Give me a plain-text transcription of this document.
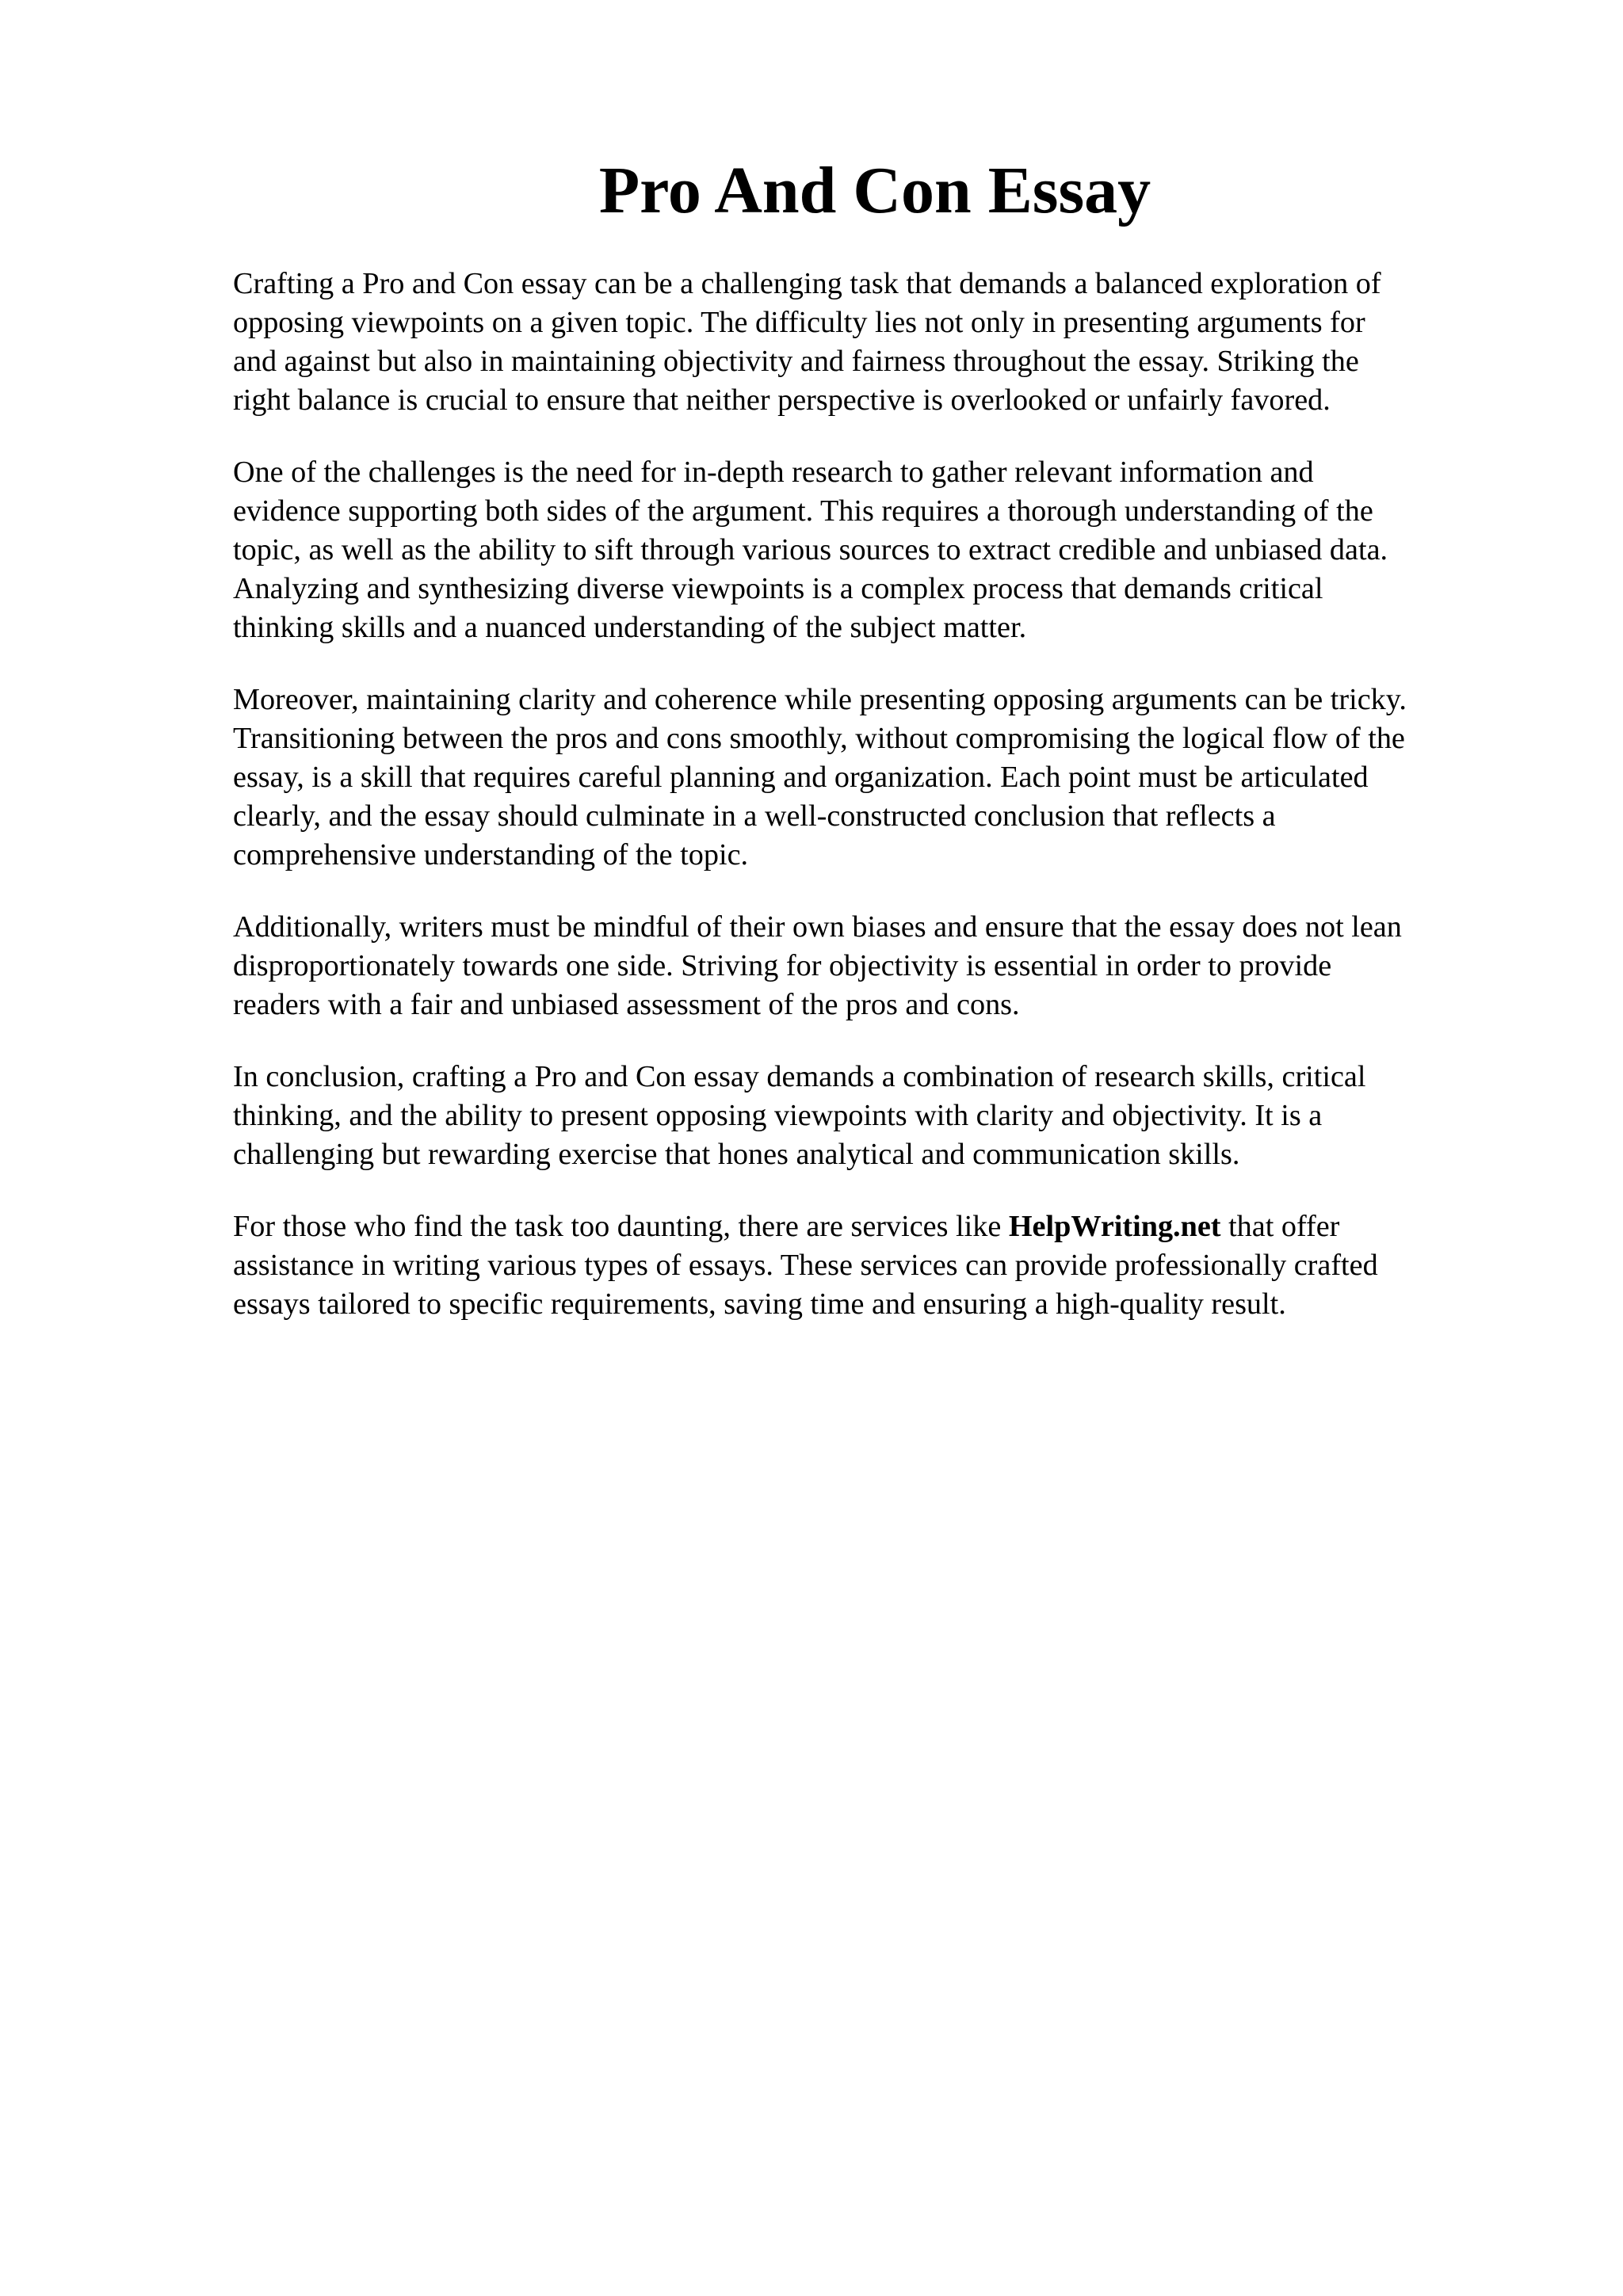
Pro And Con Essay

Crafting a Pro and Con essay can be a challenging task that demands a balanced exploration of
opposing viewpoints on a given topic. The difficulty lies not only in presenting arguments for
and against but also in maintaining objectivity and fairness throughout the essay. Striking the
right balance is crucial to ensure that neither perspective is overlooked or unfairly favored.

One of the challenges is the need for in-depth research to gather relevant information and
evidence supporting both sides of the argument. This requires a thorough understanding of the
topic, as well as the ability to sift through various sources to extract credible and unbiased data.
Analyzing and synthesizing diverse viewpoints is a complex process that demands critical
thinking skills and a nuanced understanding of the subject matter.

Moreover, maintaining clarity and coherence while presenting opposing arguments can be tricky.
Transitioning between the pros and cons smoothly, without compromising the logical flow of the
essay, is a skill that requires careful planning and organization. Each point must be articulated
clearly, and the essay should culminate in a well-constructed conclusion that reflects a
comprehensive understanding of the topic.

Additionally, writers must be mindful of their own biases and ensure that the essay does not lean
disproportionately towards one side. Striving for objectivity is essential in order to provide
readers with a fair and unbiased assessment of the pros and cons.

In conclusion, crafting a Pro and Con essay demands a combination of research skills, critical
thinking, and the ability to present opposing viewpoints with clarity and objectivity. It is a
challenging but rewarding exercise that hones analytical and communication skills.

For those who find the task too daunting, there are services like HelpWriting.net that offer
assistance in writing various types of essays. These services can provide professionally crafted
essays tailored to specific requirements, saving time and ensuring a high-quality result.
